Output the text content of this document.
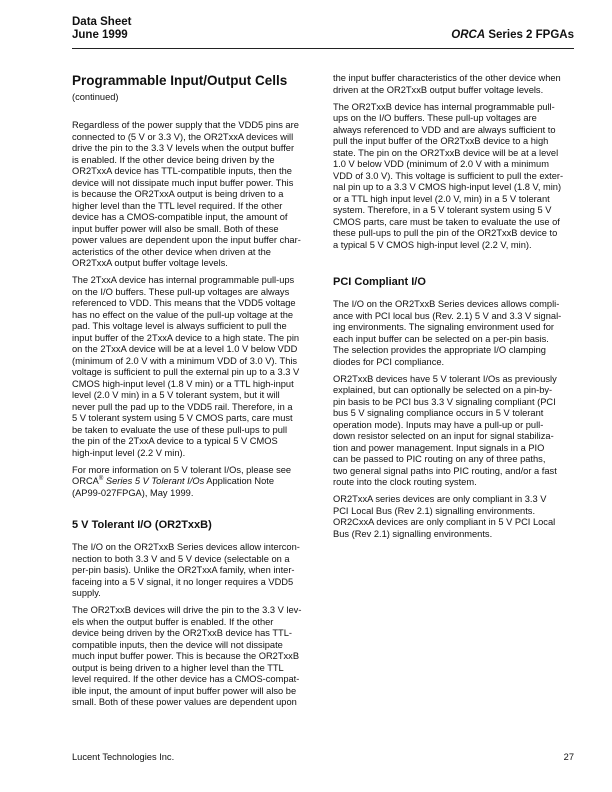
Data Sheet
June 1999	ORCA Series 2 FPGAs
Programmable Input/Output Cells
(continued)

Regardless of the power supply that the VDD5 pins are
connected to (5 V or 3.3 V), the OR2TxxA devices will
drive the pin to the 3.3 V levels when the output buffer
is enabled. If the other device being driven by the
OR2TxxA device has TTL-compatible inputs, then the
device will not dissipate much input buffer power. This
is because the OR2TxxA output is being driven to a
higher level than the TTL level required. If the other
device has a CMOS-compatible input, the amount of
input buffer power will also be small. Both of these
power values are dependent upon the input buffer char-
acteristics of the other device when driven at the
OR2TxxA output buffer voltage levels.

The 2TxxA device has internal programmable pull-ups
on the I/O buffers. These pull-up voltages are always
referenced to VDD. This means that the VDD5 voltage
has no effect on the value of the pull-up voltage at the
pad. This voltage level is always sufficient to pull the
input buffer of the 2TxxA device to a high state. The pin
on the 2TxxA device will be at a level 1.0 V below VDD
(minimum of 2.0 V with a minimum VDD of 3.0 V). This
voltage is sufficient to pull the external pin up to a 3.3 V
CMOS high-input level (1.8 V min) or a TTL high-input
level (2.0 V min) in a 5 V tolerant system, but it will
never pull the pad up to the VDD5 rail. Therefore, in a
5 V tolerant system using 5 V CMOS parts, care must
be taken to evaluate the use of these pull-ups to pull
the pin of the 2TxxA device to a typical 5 V CMOS
high-input level (2.2 V min).

For more information on 5 V tolerant I/Os, please see
ORCA® Series 5 V Tolerant I/Os Application Note
(AP99-027FPGA), May 1999.

5 V Tolerant I/O (OR2TxxB)

The I/O on the OR2TxxB Series devices allow intercon-
nection to both 3.3 V and 5 V device (selectable on a
per-pin basis). Unlike the OR2TxxA family, when inter-
faceing into a 5 V signal, it no longer requires a VDD5
supply.

The OR2TxxB devices will drive the pin to the 3.3 V lev-
els when the output buffer is enabled. If the other
device being driven by the OR2TxxB device has TTL-
compatible inputs, then the device will not dissipate
much input buffer power. This is because the OR2TxxB
output is being driven to a higher level than the TTL
level required. If the other device has a CMOS-compat-
ible input, the amount of input buffer power will also be
small. Both of these power values are dependent upon

the input buffer characteristics of the other device when
driven at the OR2TxxB output buffer voltage levels.

The OR2TxxB device has internal programmable pull-
ups on the I/O buffers. These pull-up voltages are
always referenced to VDD and are always sufficient to
pull the input buffer of the OR2TxxB device to a high
state. The pin on the OR2TxxB device will be at a level
1.0 V below VDD (minimum of 2.0 V with a minimum
VDD of 3.0 V). This voltage is sufficient to pull the exter-
nal pin up to a 3.3 V CMOS high-input level (1.8 V, min)
or a TTL high input level (2.0 V, min) in a 5 V tolerant
system. Therefore, in a 5 V tolerant system using 5 V
CMOS parts, care must be taken to evaluate the use of
these pull-ups to pull the pin of the OR2TxxB device to
a typical 5 V CMOS high-input level (2.2 V, min).

PCI Compliant I/O

The I/O on the OR2TxxB Series devices allows compli-
ance with PCI local bus (Rev. 2.1) 5 V and 3.3 V signal-
ing environments. The signaling environment used for
each input buffer can be selected on a per-pin basis.
The selection provides the appropriate I/O clamping
diodes for PCI compliance.

OR2TxxB devices have 5 V tolerant I/Os as previously
explained, but can optionally be selected on a pin-by-
pin basis to be PCI bus 3.3 V signaling compliant (PCI
bus 5 V signaling compliance occurs in 5 V tolerant
operation mode). Inputs may have a pull-up or pull-
down resistor selected on an input for signal stabiliza-
tion and power management. Input signals in a PIO
can be passed to PIC routing on any of three paths,
two general signal paths into PIC routing, and/or a fast
route into the clock routing system.

OR2TxxA series devices are only compliant in 3.3 V
PCI Local Bus (Rev 2.1) signalling environments.
OR2CxxA devices are only compliant in 5 V PCI Local
Bus (Rev 2.1) signalling environments.

Lucent Technologies Inc.	27
